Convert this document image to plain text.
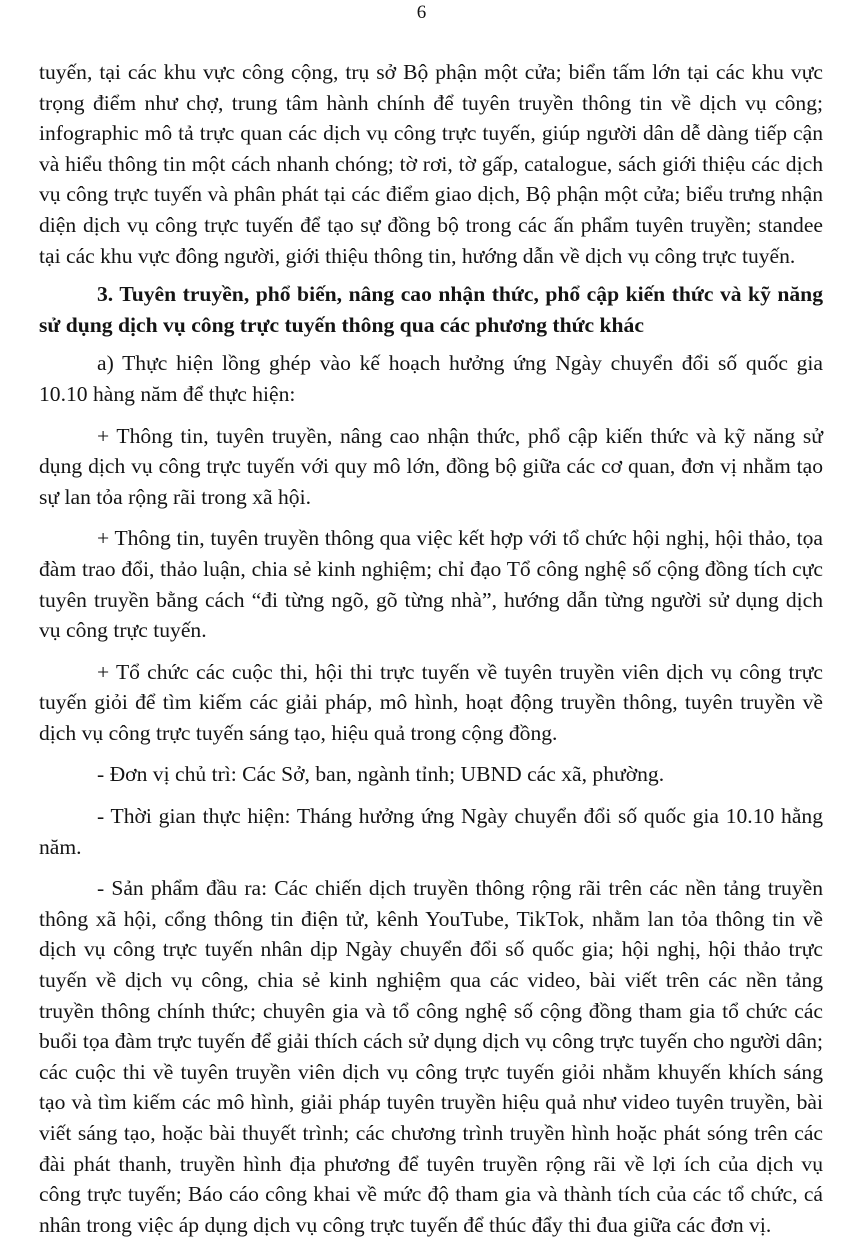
6

tuyến, tại các khu vực công cộng, trụ sở Bộ phận một cửa; biển tấm lớn tại các khu vực trọng điểm như chợ, trung tâm hành chính để tuyên truyền thông tin về dịch vụ công; infographic mô tả trực quan các dịch vụ công trực tuyến, giúp người dân dễ dàng tiếp cận và hiểu thông tin một cách nhanh chóng; tờ rơi, tờ gấp, catalogue, sách giới thiệu các dịch vụ công trực tuyến và phân phát tại các điểm giao dịch, Bộ phận một cửa; biểu trưng nhận diện dịch vụ công trực tuyến để tạo sự đồng bộ trong các ấn phẩm tuyên truyền; standee tại các khu vực đông người, giới thiệu thông tin, hướng dẫn về dịch vụ công trực tuyến.

3. Tuyên truyền, phổ biến, nâng cao nhận thức, phổ cập kiến thức và kỹ năng sử dụng dịch vụ công trực tuyến thông qua các phương thức khác

a) Thực hiện lồng ghép vào kế hoạch hưởng ứng Ngày chuyển đổi số quốc gia 10.10 hàng năm để thực hiện:

+ Thông tin, tuyên truyền, nâng cao nhận thức, phổ cập kiến thức và kỹ năng sử dụng dịch vụ công trực tuyến với quy mô lớn, đồng bộ giữa các cơ quan, đơn vị nhằm tạo sự lan tỏa rộng rãi trong xã hội.

+ Thông tin, tuyên truyền thông qua việc kết hợp với tổ chức hội nghị, hội thảo, tọa đàm trao đổi, thảo luận, chia sẻ kinh nghiệm; chỉ đạo Tổ công nghệ số cộng đồng tích cực tuyên truyền bằng cách “đi từng ngõ, gõ từng nhà”, hướng dẫn từng người sử dụng dịch vụ công trực tuyến.

+ Tổ chức các cuộc thi, hội thi trực tuyến về tuyên truyền viên dịch vụ công trực tuyến giỏi để tìm kiếm các giải pháp, mô hình, hoạt động truyền thông, tuyên truyền về dịch vụ công trực tuyến sáng tạo, hiệu quả trong cộng đồng.

- Đơn vị chủ trì: Các Sở, ban, ngành tỉnh; UBND các xã, phường.

- Thời gian thực hiện: Tháng hưởng ứng Ngày chuyển đổi số quốc gia 10.10 hằng năm.

- Sản phẩm đầu ra: Các chiến dịch truyền thông rộng rãi trên các nền tảng truyền thông xã hội, cổng thông tin điện tử, kênh YouTube, TikTok, nhằm lan tỏa thông tin về dịch vụ công trực tuyến nhân dịp Ngày chuyển đổi số quốc gia; hội nghị, hội thảo trực tuyến về dịch vụ công, chia sẻ kinh nghiệm qua các video, bài viết trên các nền tảng truyền thông chính thức; chuyên gia và tổ công nghệ số cộng đồng tham gia tổ chức các buổi tọa đàm trực tuyến để giải thích cách sử dụng dịch vụ công trực tuyến cho người dân; các cuộc thi về tuyên truyền viên dịch vụ công trực tuyến giỏi nhằm khuyến khích sáng tạo và tìm kiếm các mô hình, giải pháp tuyên truyền hiệu quả như video tuyên truyền, bài viết sáng tạo, hoặc bài thuyết trình; các chương trình truyền hình hoặc phát sóng trên các đài phát thanh, truyền hình địa phương để tuyên truyền rộng rãi về lợi ích của dịch vụ công trực tuyến; Báo cáo công khai về mức độ tham gia và thành tích của các tổ chức, cá nhân trong việc áp dụng dịch vụ công trực tuyến để thúc đẩy thi đua giữa các đơn vị.
